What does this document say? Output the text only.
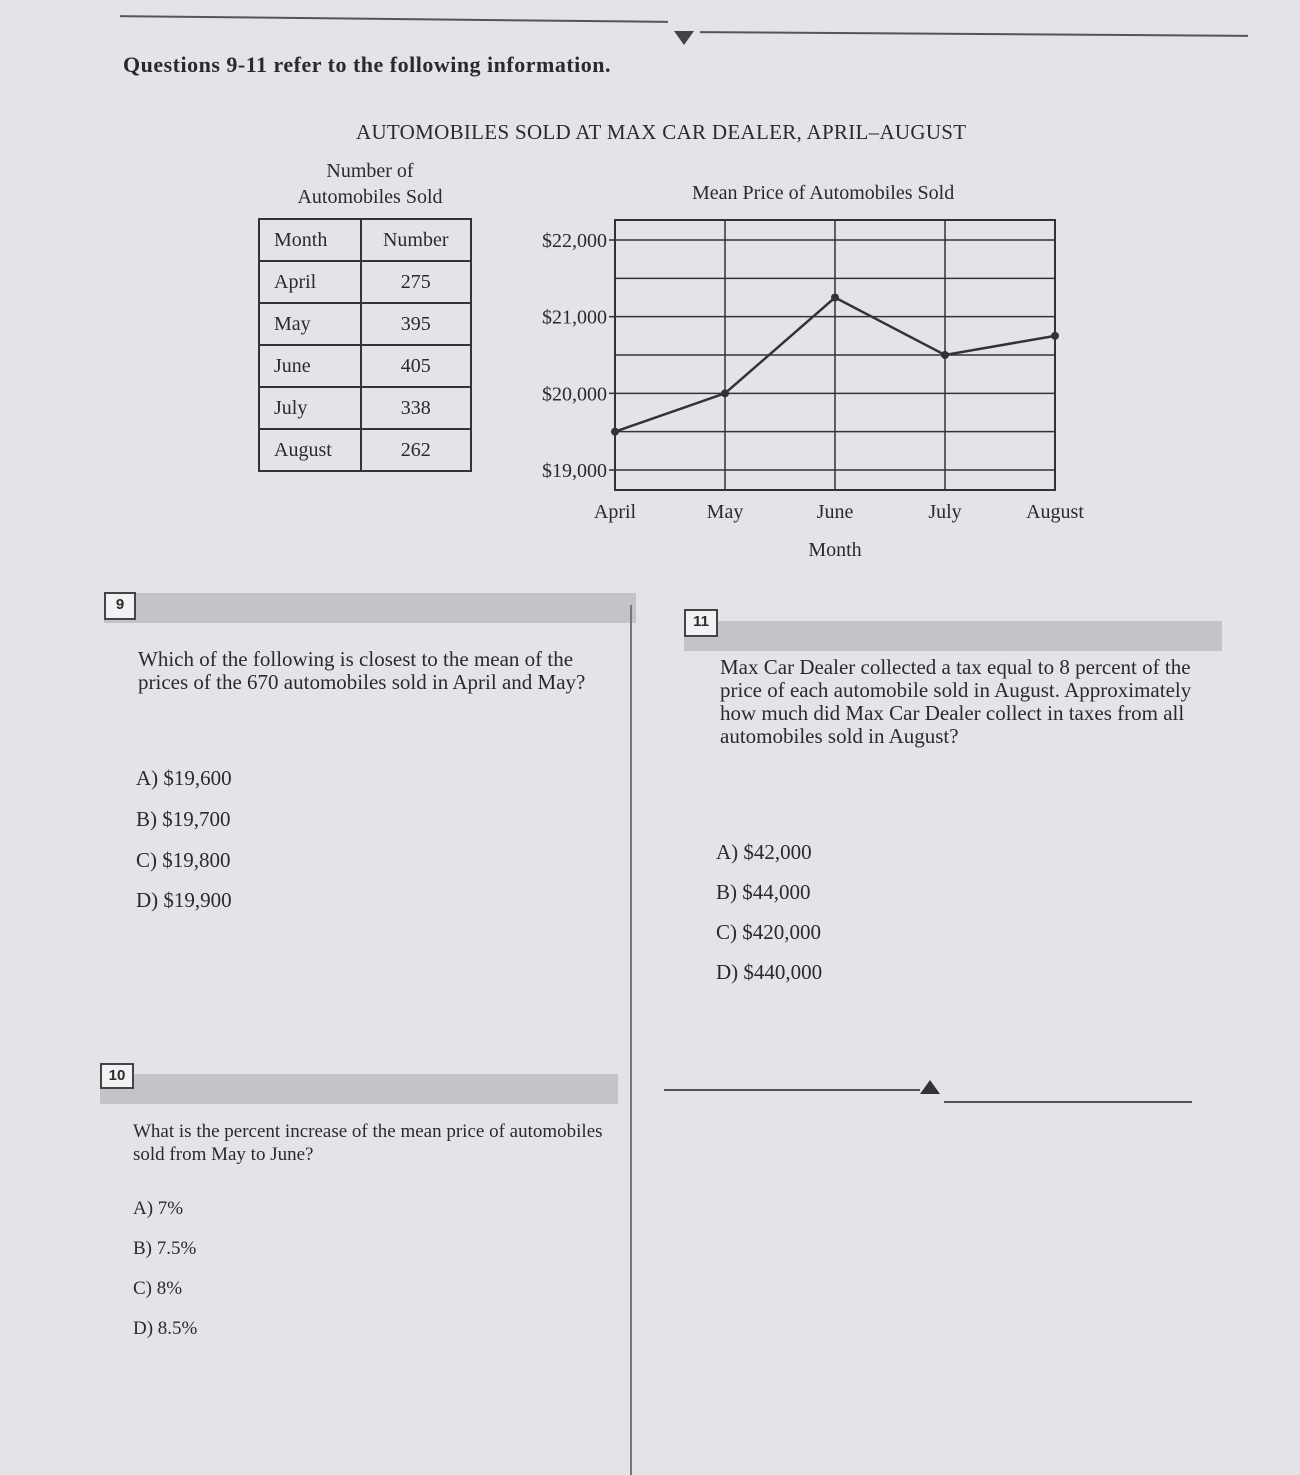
Questions 9-11 refer to the following information.
AUTOMOBILES SOLD AT MAX CAR DEALER, APRIL–AUGUST
Number of
Automobiles Sold
Month	Number
April	275
May	395
June	405
July	338
August	262
Mean Price of Automobiles Sold
$22,000
$21,000
$20,000
$19,000
April	May	June	July	August
Month
9
Which of the following is closest to the mean of the prices of the 670 automobiles sold in April and May?
A) $19,600
B) $19,700
C) $19,800
D) $19,900
11
Max Car Dealer collected a tax equal to 8 percent of the price of each automobile sold in August. Approximately how much did Max Car Dealer collect in taxes from all automobiles sold in August?
A) $42,000
B) $44,000
C) $420,000
D) $440,000
10
What is the percent increase of the mean price of automobiles sold from May to June?
A) 7%
B) 7.5%
C) 8%
D) 8.5%
